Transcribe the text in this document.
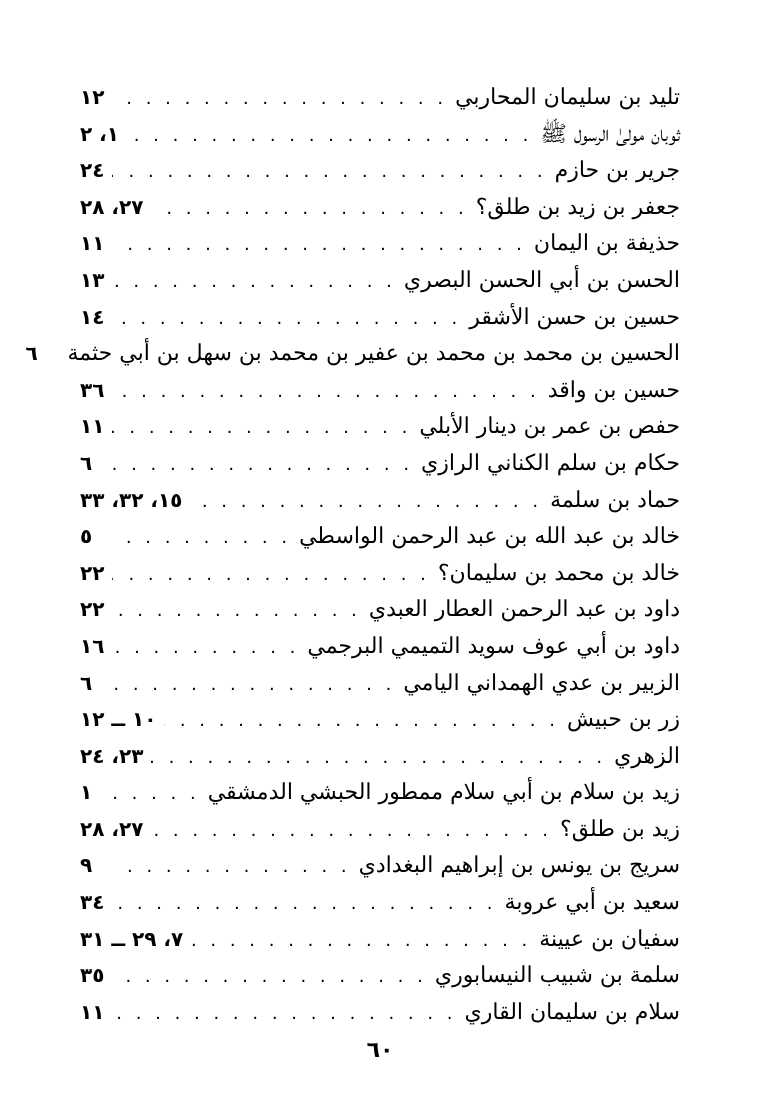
تليد بن سليمان المحاربي
. . .
١٢
ثوبان مولىٰ الرسول ﷺ
. . .
١، ٢
جرير بن حازم
. . .
٢٤
جعفر بن زيد بن طلق؟
. . .
٢٧، ٢٨
حذيفة بن اليمان
. . .
١١
الحسن بن أبي الحسن البصري
. . .
١٣
حسين بن حسن الأشقر
. . .
١٤
الحسين بن محمد بن محمد بن عفير بن محمد بن سهل بن أبي حثمة
٦
حسين بن واقد
. . .
٣٦
حفص بن عمر بن دينار الأبلي
. . .
١١
حكام بن سلم الكناني الرازي
. . .
٦
حماد بن سلمة
. . .
١٥، ٣٢، ٣٣
خالد بن عبد الله بن عبد الرحمن الواسطي
. . .
٥
خالد بن محمد بن سليمان؟
. . .
٢٢
داود بن عبد الرحمن العطار العبدي
. . .
٢٢
داود بن أبي عوف سويد التميمي البرجمي
. . .
١٦
الزبير بن عدي الهمداني اليامي
. . .
٦
زر بن حبيش
. . .
١٠ ــ ١٢
الزهري
. . .
٢٣، ٢٤
زيد بن سلام بن أبي سلام ممطور الحبشي الدمشقي
. . .
١
زيد بن طلق؟
. . .
٢٧، ٢٨
سريج بن يونس بن إبراهيم البغدادي
. . .
٩
سعيد بن أبي عروبة
. . .
٣٤
سفيان بن عيينة
. . .
٧، ٢٩ ــ ٣١
سلمة بن شبيب النيسابوري
. . .
٣٥
سلام بن سليمان القاري
. . .
١١
٦٠
